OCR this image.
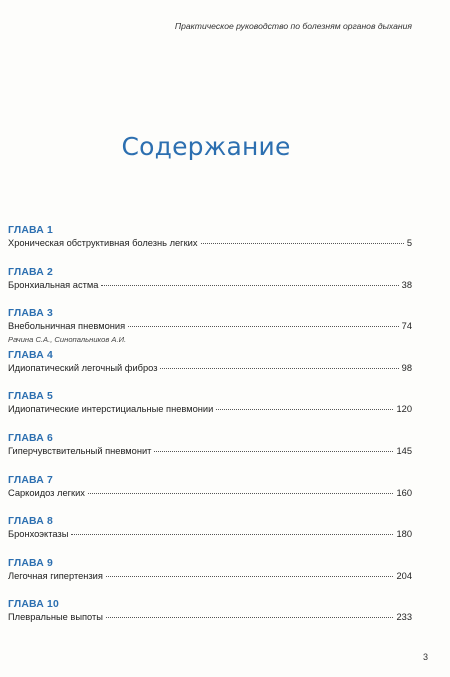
Практическое руководство по болезням органов дыхания
Содержание
ГЛАВА 1
Хроническая обструктивная болезнь легких	5
ГЛАВА 2
Бронхиальная астма	38
ГЛАВА 3
Внебольничная пневмония	74
Рачина С.А., Синопальников А.И.
ГЛАВА 4
Идиопатический легочный фиброз	98
ГЛАВА 5
Идиопатические интерстициальные пневмонии	120
ГЛАВА 6
Гиперчувствительный пневмонит	145
ГЛАВА 7
Саркоидоз легких	160
ГЛАВА 8
Бронхоэктазы	180
ГЛАВА 9
Легочная гипертензия	204
ГЛАВА 10
Плевральные выпоты	233
3
